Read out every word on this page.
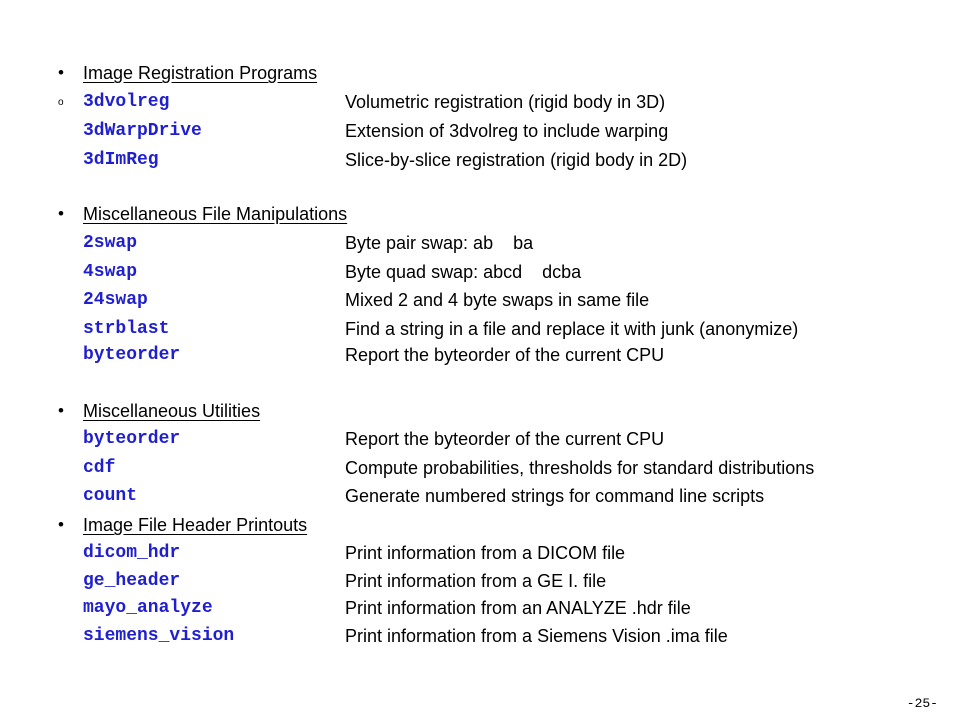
• Image Registration Programs
o 3dvolreg	Volumetric registration (rigid body in 3D)
3dWarpDrive	Extension of 3dvolreg to include warping
3dImReg	Slice-by-slice registration (rigid body in 2D)
• Miscellaneous File Manipulations
2swap	Byte pair swap: ab    ba
4swap	Byte quad swap: abcd    dcba
24swap	Mixed 2 and 4 byte swaps in same file
strblast	Find a string in a file and replace it with junk (anonymize)
byteorder	Report the byteorder of the current CPU
• Miscellaneous Utilities
byteorder	Report the byteorder of the current CPU
cdf	Compute probabilities, thresholds for standard distributions
count	Generate numbered strings for command line scripts
• Image File Header Printouts
dicom_hdr	Print information from a DICOM file
ge_header	Print information from a GE I. file
mayo_analyze	Print information from an ANALYZE .hdr file
siemens_vision	Print information from a Siemens Vision .ima file
-25-
